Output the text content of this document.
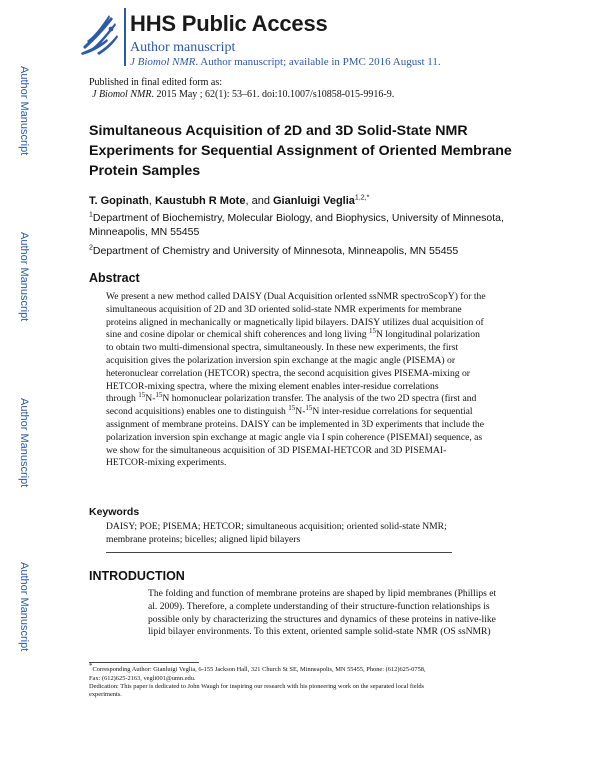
HHS Public Access
Author manuscript
J Biomol NMR. Author manuscript; available in PMC 2016 August 11.
Author Manuscript
Author Manuscript
Author Manuscript
Author Manuscript
Published in final edited form as:
J Biomol NMR. 2015 May ; 62(1): 53–61. doi:10.1007/s10858-015-9916-9.
Simultaneous Acquisition of 2D and 3D Solid-State NMR
Experiments for Sequential Assignment of Oriented Membrane
Protein Samples
T. Gopinath, Kaustubh R Mote, and Gianluigi Veglia$^{1,2,*}$
$^1$Department of Biochemistry, Molecular Biology, and Biophysics, University of Minnesota, Minneapolis, MN 55455
$^2$Department of Chemistry and University of Minnesota, Minneapolis, MN 55455
Abstract
We present a new method called DAISY (Dual Acquisition orIented ssNMR spectroScopY) for the
simultaneous acquisition of 2D and 3D oriented solid-state NMR experiments for membrane
proteins aligned in mechanically or magnetically lipid bilayers. DAISY utilizes dual acquisition of
sine and cosine dipolar or chemical shift coherences and long living $^{15}$N longitudinal polarization
to obtain two multi-dimensional spectra, simultaneously. In these new experiments, the first
acquisition gives the polarization inversion spin exchange at the magic angle (PISEMA) or
heteronuclear correlation (HETCOR) spectra, the second acquisition gives PISEMA-mixing or
HETCOR-mixing spectra, where the mixing element enables inter-residue correlations
through $^{15}$N-$^{15}$N homonuclear polarization transfer. The analysis of the two 2D spectra (first and
second acquisitions) enables one to distinguish $^{15}$N-$^{15}$N inter-residue correlations for sequential
assignment of membrane proteins. DAISY can be implemented in 3D experiments that include the
polarization inversion spin exchange at magic angle via I spin coherence (PISEMAI) sequence, as
we show for the simultaneous acquisition of 3D PISEMAI-HETCOR and 3D PISEMAI-
HETCOR-mixing experiments.
Keywords
DAISY; POE; PISEMA; HETCOR; simultaneous acquisition; oriented solid-state NMR;
membrane proteins; bicelles; aligned lipid bilayers
INTRODUCTION
The folding and function of membrane proteins are shaped by lipid membranes (Phillips et
al. 2009). Therefore, a complete understanding of their structure-function relationships is
possible only by characterizing the structures and dynamics of these proteins in native-like
lipid bilayer environments. To this extent, oriented sample solid-state NMR (OS ssNMR)
*Corresponding Author: Gianluigi Veglia, 6-155 Jackson Hall, 321 Church St SE, Minneapolis, MN 55455, Phone: (612)625-0758,
Fax: (612)625-2163, vegli001@umn.edu.
Dedication: This paper is dedicated to John Waugh for inspiring our research with his pioneering work on the separated local fields
experiments.
